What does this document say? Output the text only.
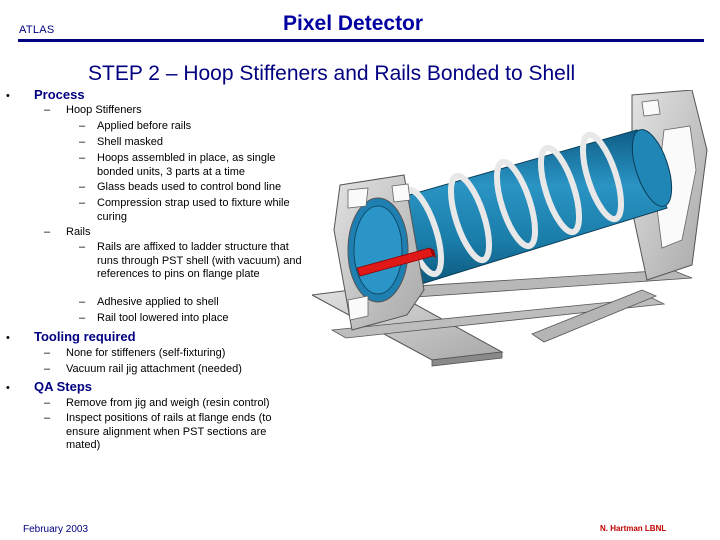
ATLAS	Pixel Detector
STEP 2 – Hoop Stiffeners and Rails Bonded to Shell
• Process
– Hoop Stiffeners
– Applied before rails
– Shell masked
– Hoops assembled in place, as single bonded units, 3 parts at a time
– Glass beads used to control bond line
– Compression strap used to fixture while curing
– Rails
– Rails are affixed to ladder structure that runs through PST shell (with vacuum) and references to pins on flange plate
– Adhesive applied to shell
– Rail tool lowered into place
• Tooling required
– None for stiffeners (self-fixturing)
– Vacuum rail jig attachment (needed)
• QA Steps
– Remove from jig and weigh (resin control)
– Inspect positions of rails at flange ends (to ensure alignment when PST sections are mated)
February 2003	N. Hartman LBNL
